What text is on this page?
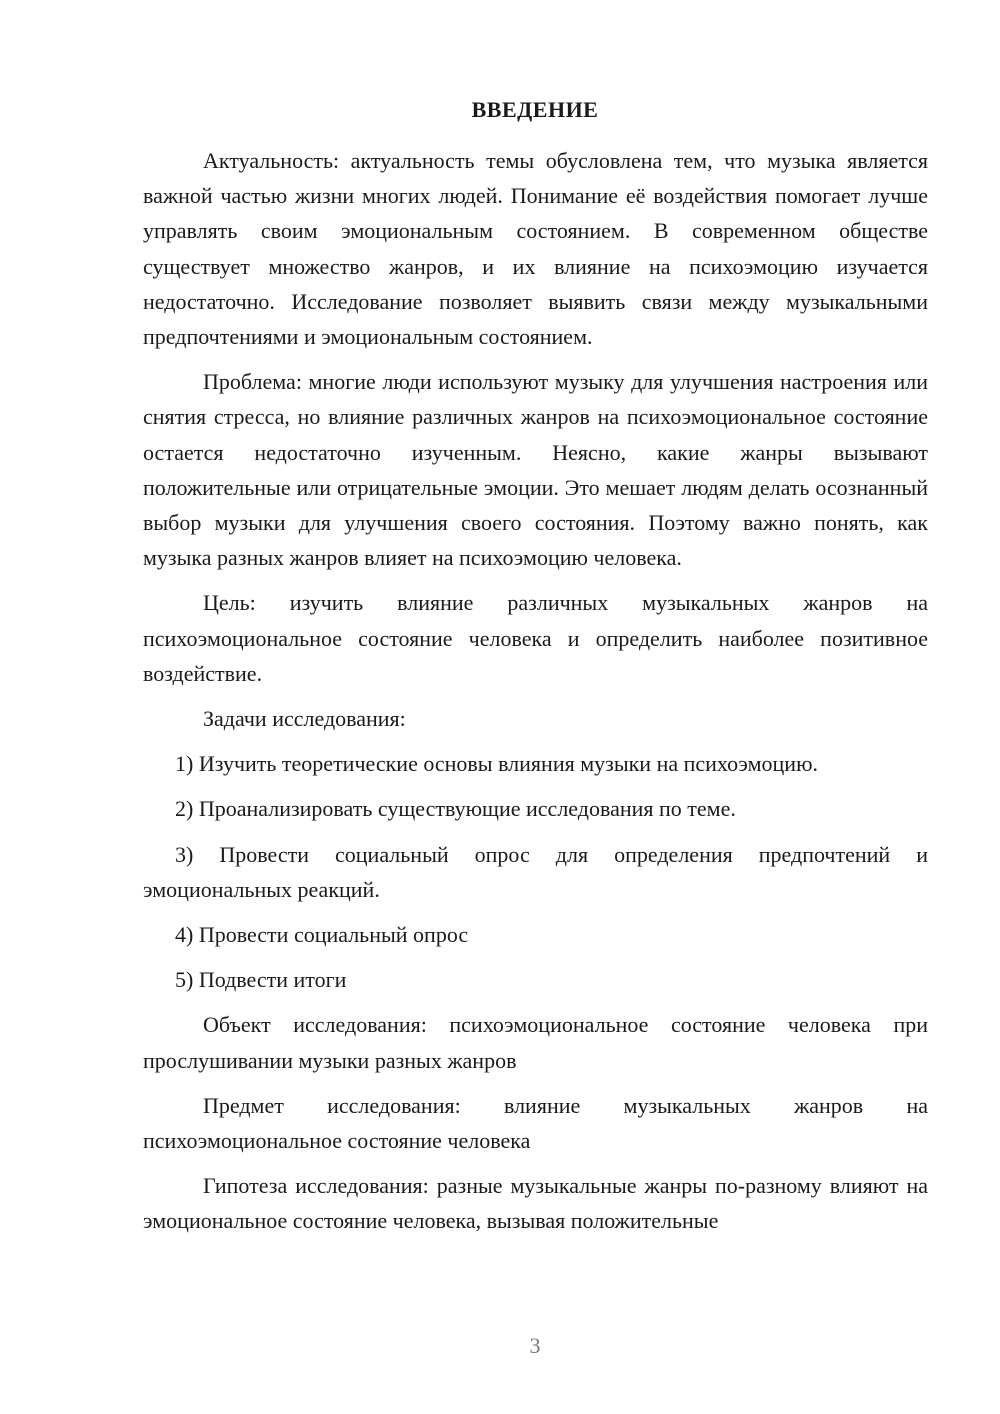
ВВЕДЕНИЕ

Актуальность: актуальность темы обусловлена тем, что музыка является важной частью жизни многих людей. Понимание её воздействия помогает лучше управлять своим эмоциональным состоянием. В современном обществе существует множество жанров, и их влияние на психоэмоцию изучается недостаточно. Исследование позволяет выявить связи между музыкальными предпочтениями и эмоциональным состоянием.

Проблема: многие люди используют музыку для улучшения настроения или снятия стресса, но влияние различных жанров на психоэмоциональное состояние остается недостаточно изученным. Неясно, какие жанры вызывают положительные или отрицательные эмоции. Это мешает людям делать осознанный выбор музыки для улучшения своего состояния. Поэтому важно понять, как музыка разных жанров влияет на психоэмоцию человека.

Цель: изучить влияние различных музыкальных жанров на психоэмоциональное состояние человека и определить наиболее позитивное воздействие.

Задачи исследования:

1) Изучить теоретические основы влияния музыки на психоэмоцию.

2) Проанализировать существующие исследования по теме.

3) Провести социальный опрос для определения предпочтений и эмоциональных реакций.

4) Провести социальный опрос

5) Подвести итоги

Объект исследования: психоэмоциональное состояние человека при прослушивании музыки разных жанров

Предмет исследования: влияние музыкальных жанров на психоэмоциональное состояние человека

Гипотеза исследования: разные музыкальные жанры по-разному влияют на эмоциональное состояние человека, вызывая положительные

3
